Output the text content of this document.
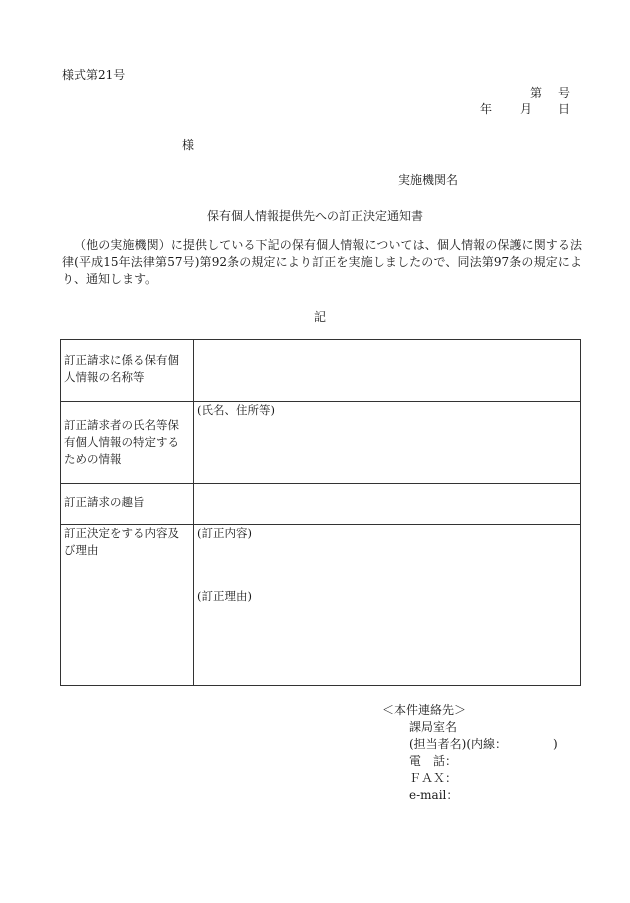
様式第21号
第 号
年 月 日
様
実施機関名
保有個人情報提供先への訂正決定通知書
（他の実施機関）に提供している下記の保有個人情報については、個人情報の保護に関する法律(平成15年法律第57号)第92条の規定により訂正を実施しましたので、同法第97条の規定により、通知します。
記
訂正請求に係る保有個人情報の名称等	
訂正請求者の氏名等保有個人情報の特定するための情報	(氏名、住所等)
訂正請求の趣旨	
訂正決定をする内容及び理由	(訂正内容)
(訂正理由)
＜本件連絡先＞
課局室名
(担当者名)(内線：	)
電　話：
ＦＡＸ：
e-mail：
